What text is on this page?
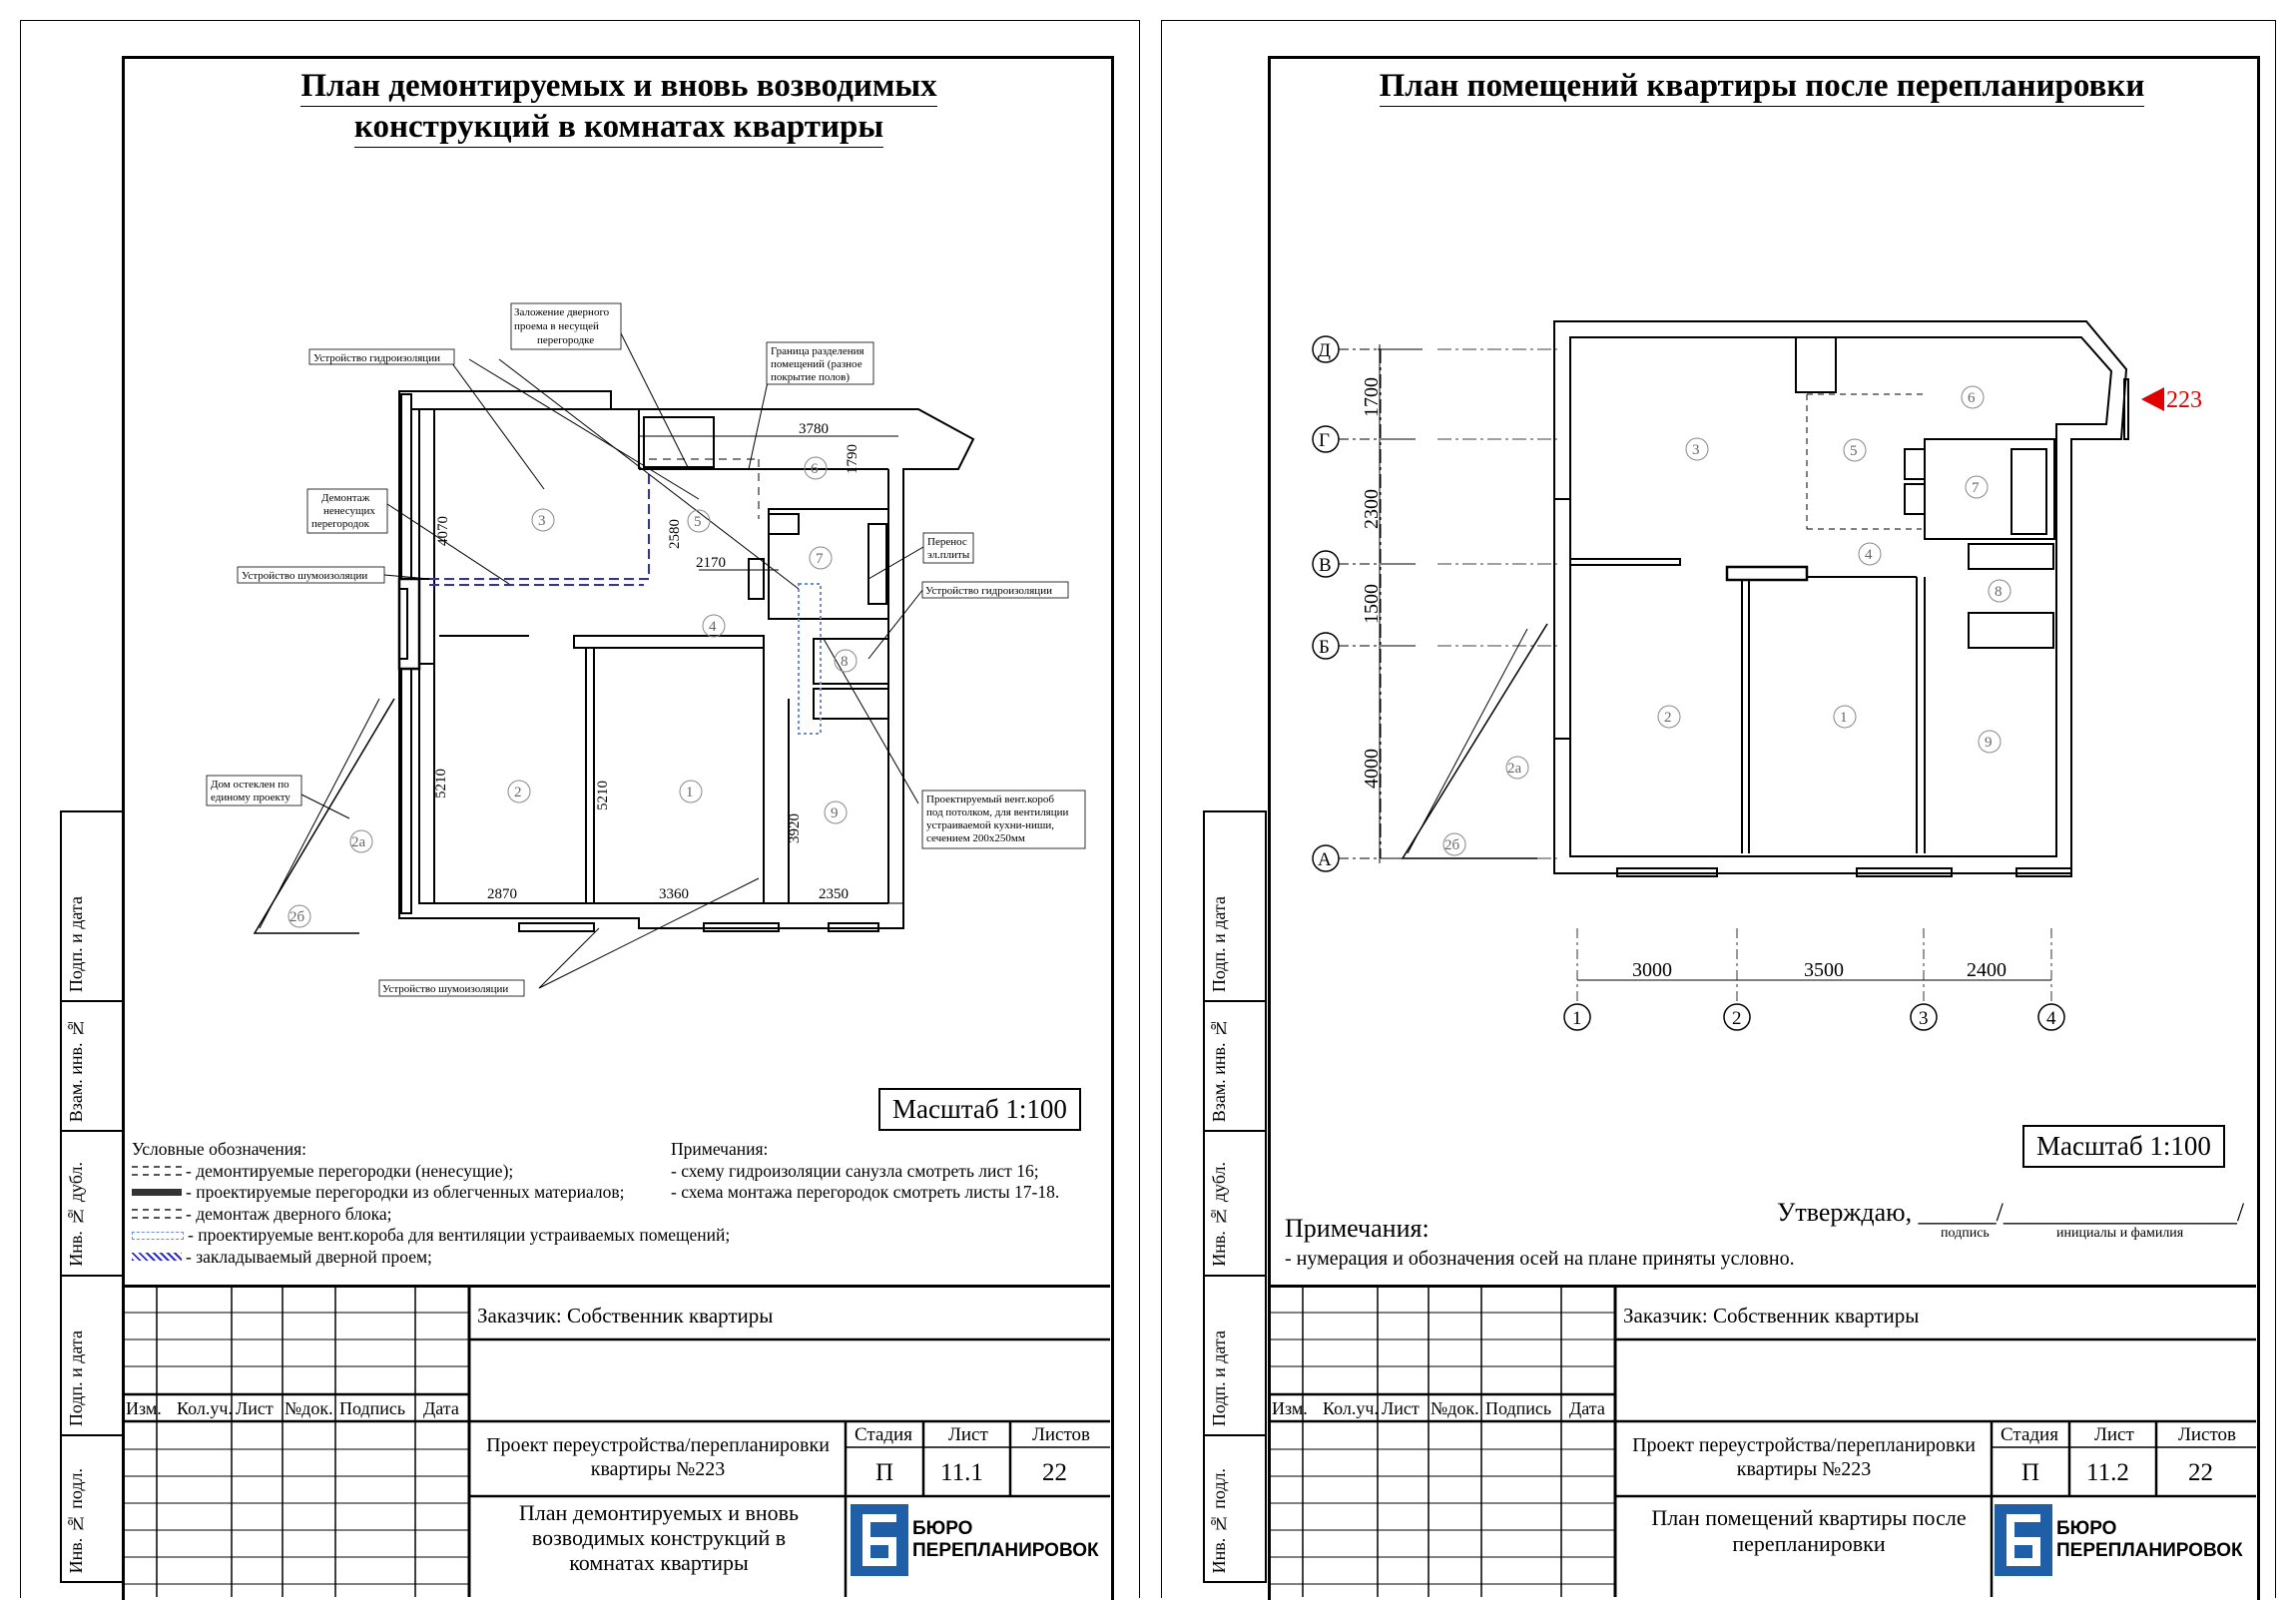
Подп. и дата
Взам. инв. №
Инв. № дубл.
Подп. и дата
Инв. № подл.
План демонтируемых и вновь возводимых
конструкций в комнатах квартиры
3780
1790
4070	2580
2170
5210	5210
3920
2870	3360	2350
1
2
2а
2б
3
4
5
6
7
8
9
Устройство гидроизоляции
Заложение дверного
проема в несущей
перегородке
Граница разделения
помещений (разное
покрытие полов)
Демонтаж
ненесущих
перегородок
Устройство шумоизоляции
Перенос
эл.плиты
Устройство гидроизоляции
Дом остеклен по
единому проекту	Проектируемый вент.короб
под потолком, для вентиляции
устраиваемой кухни-ниши,
сечением 200х250мм
Устройство шумоизоляции
Масштаб 1:100
Условные обозначения:
- демонтируемые перегородки (ненесущие);
- проектируемые перегородки из облегченных материалов;
- демонтаж дверного блока;
- проектируемые вент.короба для вентиляции устраиваемых помещений;
- закладываемый дверной проем;
Примечания:
- схему гидроизоляции санузла смотреть лист 16;
- схема монтажа перегородок смотреть листы 17-18.
Изм. Кол.уч. Лист №док. Подпись Дата
Заказчик: Собственник квартиры
Стадия Лист Листов
П 11.1 22
Проект переустройства/перепланировки квартиры №223
План демонтируемых и вновь возводимых конструкций в комнатах квартиры
БЮРО
ПЕРЕПЛАНИРОВОК
Подп. и дата
Взам. инв. №
Инв. № дубл.
Подп. и дата
Инв. № подл.
План помещений квартиры после перепланировки
Д
Г
В
Б
А
1	2	3	4
1700
2300
1500
4000
3000	3500	2400
1
2
2а
2б
3
4
5
6
7
8
9
223
Масштаб 1:100
Примечания:
- нумерация и обозначения осей на плане приняты условно.
Утверждаю, ______/__________________/
подпись	инициалы и фамилия
Изм. Кол.уч. Лист №док. Подпись Дата
Заказчик: Собственник квартиры
Стадия Лист Листов
П 11.2 22
Проект переустройства/перепланировки квартиры №223
План помещений квартиры после перепланировки
БЮРО
ПЕРЕПЛАНИРОВОК
